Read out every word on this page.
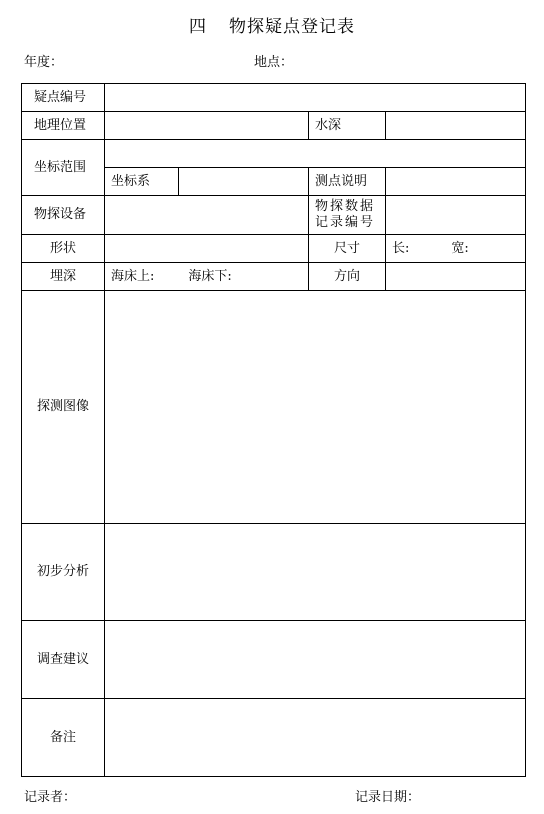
四 物探疑点登记表
年度：	地点：
疑点编号				
地理位置			水深	
坐标范围				
	坐标系		测点说明	
物探设备			物探数据
记录编号	
形状			尺寸	长: 宽:
埋深	海床上: 海床下:		方向	
探测图像				
初步分析				
调查建议				
备注				
记录者：	记录日期：
